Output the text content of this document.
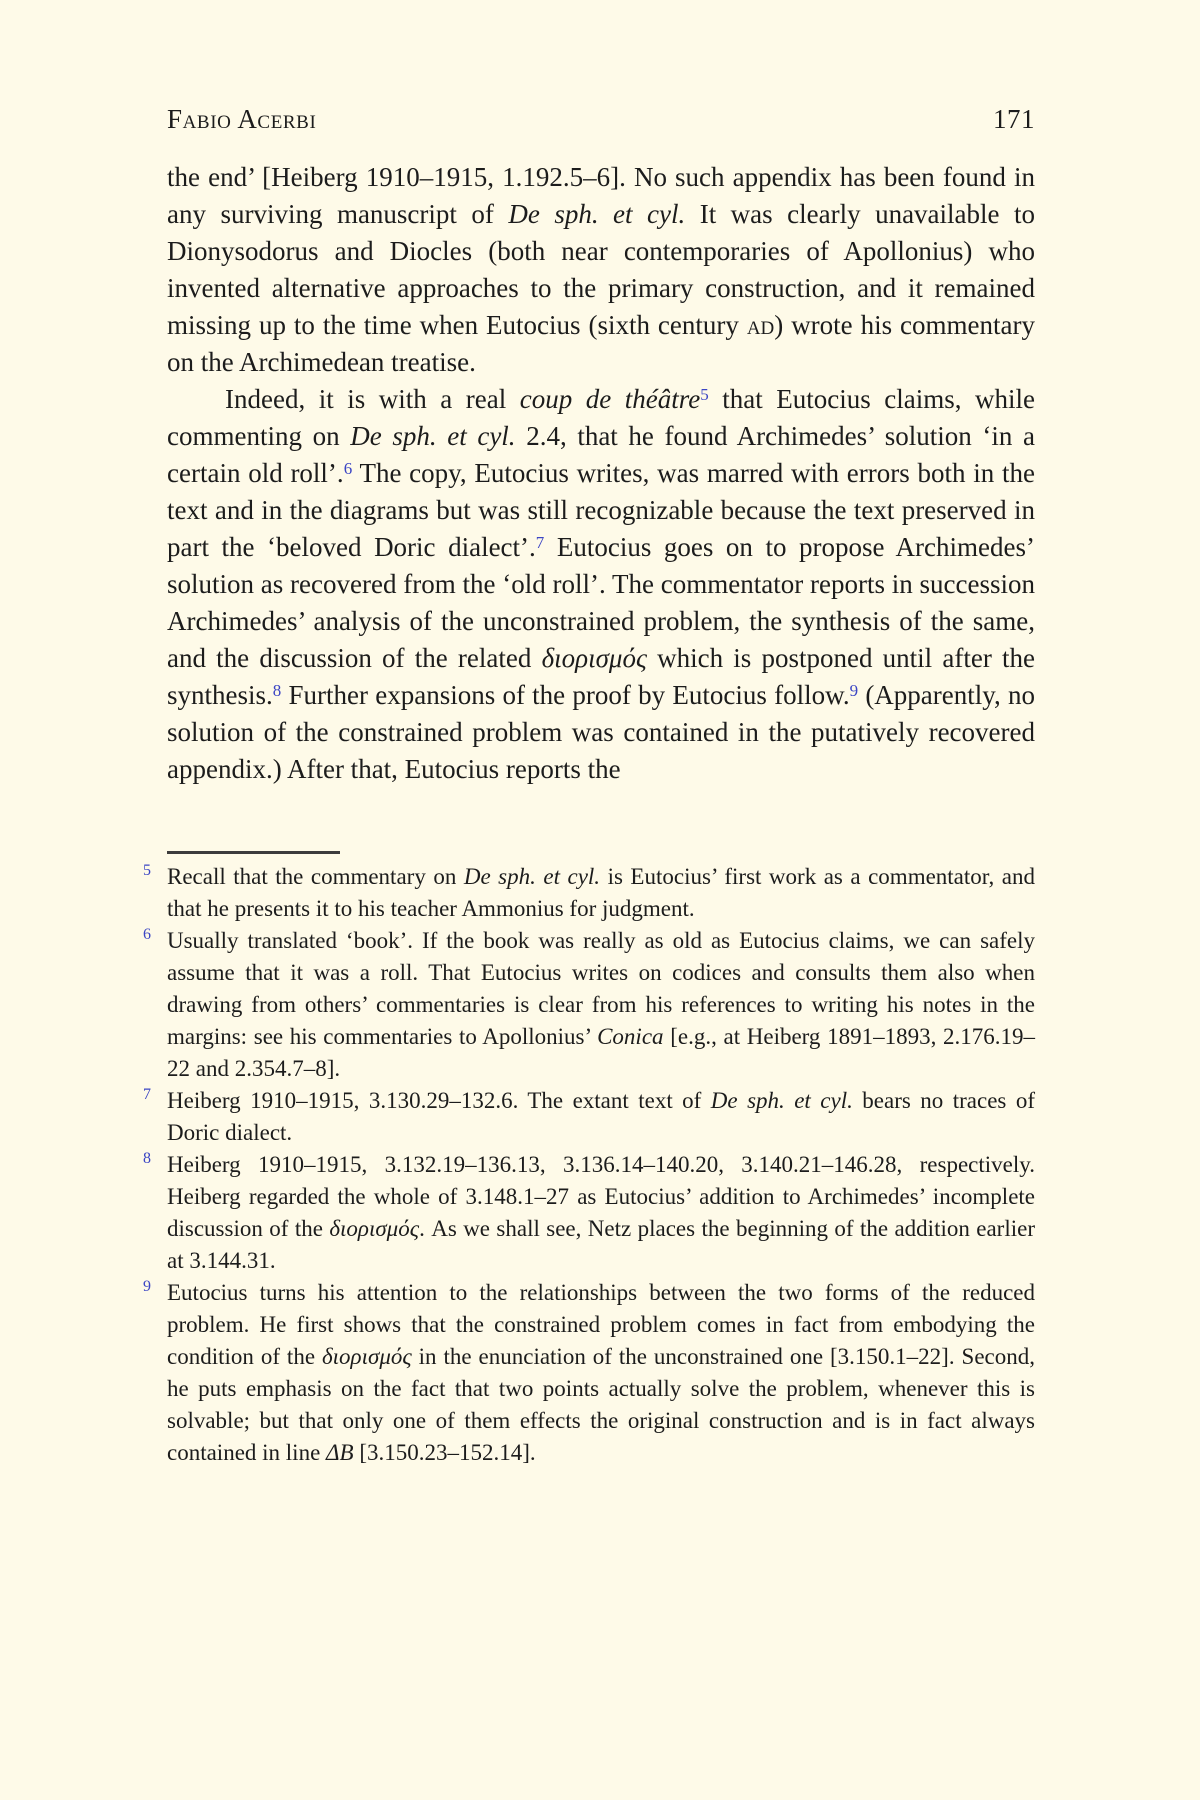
Fabio Acerbi	171

the end’ [Heiberg 1910–1915, 1.192.5–6]. No such appendix has been found in any surviving manuscript of De sph. et cyl. It was clearly unavailable to Dionysodorus and Diocles (both near contemporaries of Apollonius) who invented alternative approaches to the primary construction, and it remained missing up to the time when Eutocius (sixth century ad) wrote his commentary on the Archimedean treatise.

Indeed, it is with a real coup de théâtre$^5$ that Eutocius claims, while commenting on De sph. et cyl. 2.4, that he found Archimedes’ solution ‘in a certain old roll’.$^6$ The copy, Eutocius writes, was marred with errors both in the text and in the diagrams but was still recognizable because the text preserved in part the ‘beloved Doric dialect’.$^7$ Eutocius goes on to propose Archimedes’ solution as recovered from the ‘old roll’. The commentator reports in succession Archimedes’ analysis of the unconstrained problem, the synthesis of the same, and the discussion of the related διορισμός which is postponed until after the synthesis.$^8$ Further expansions of the proof by Eutocius follow.$^9$ (Apparently, no solution of the constrained problem was contained in the putatively recovered appendix.) After that, Eutocius reports the

5 Recall that the commentary on De sph. et cyl. is Eutocius’ first work as a commentator, and that he presents it to his teacher Ammonius for judgment.
6 Usually translated ‘book’. If the book was really as old as Eutocius claims, we can safely assume that it was a roll. That Eutocius writes on codices and consults them also when drawing from others’ commentaries is clear from his references to writing his notes in the margins: see his commentaries to Apollonius’ Conica [e.g., at Heiberg 1891–1893, 2.176.19–22 and 2.354.7–8].
7 Heiberg 1910–1915, 3.130.29–132.6. The extant text of De sph. et cyl. bears no traces of Doric dialect.
8 Heiberg 1910–1915, 3.132.19–136.13, 3.136.14–140.20, 3.140.21–146.28, respectively. Heiberg regarded the whole of 3.148.1–27 as Eutocius’ addition to Archimedes’ incomplete discussion of the διορισμός. As we shall see, Netz places the beginning of the addition earlier at 3.144.31.
9 Eutocius turns his attention to the relationships between the two forms of the reduced problem. He first shows that the constrained problem comes in fact from embodying the condition of the διορισμός in the enunciation of the unconstrained one [3.150.1–22]. Second, he puts emphasis on the fact that two points actually solve the problem, whenever this is solvable; but that only one of them effects the original construction and is in fact always contained in line ΔB [3.150.23–152.14].
